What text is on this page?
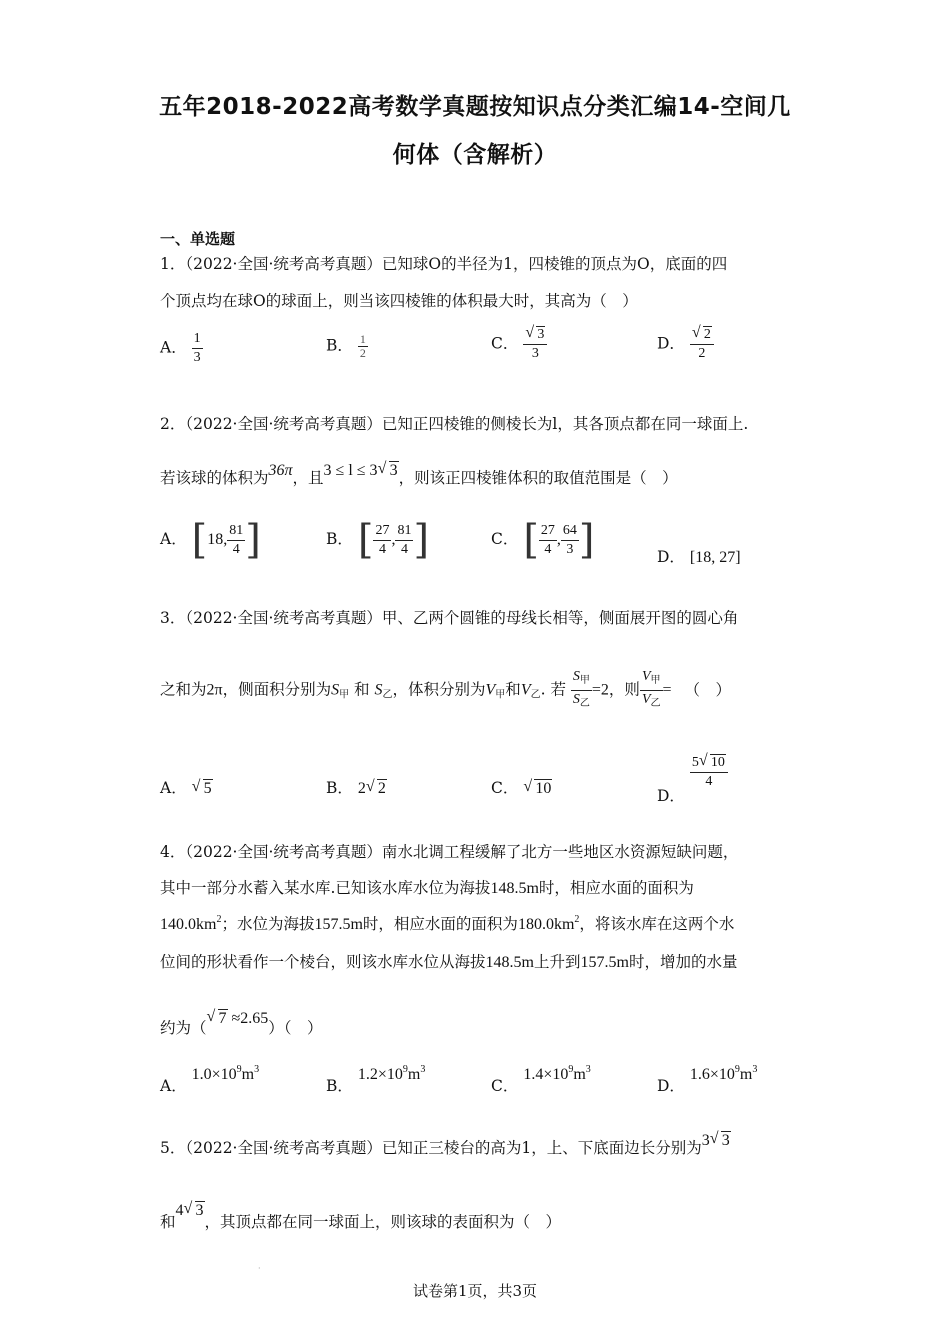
五年2018-2022高考数学真题按知识点分类汇编14-空间几
何体（含解析）
一、单选题
1．（2022·全国·统考高考真题）已知球O的半径为1，四棱锥的顶点为O，底面的四
个顶点均在球O的球面上，则当该四棱锥的体积最大时，其高为（　）
A． $\frac{1}{3}$	B． $\frac{1}{2}$	C． √ $\frac{3}{3}$	D． √ $\frac{2}{2}$
2．（2022·全国·统考高考真题）已知正四棱锥的侧棱长为l，其各顶点都在同一球面上.
若该球的体积为36π，且3 ≤ l ≤ 3 √ 3，则该正四棱锥体积的取值范围是（　）
A． [18, $\frac{81}{4}$ ]	B． [ $\frac{27}{4}$ , $\frac{81}{4}$ ]	C． [ $\frac{27}{4}$ , $\frac{64}{3}$ ]	D． [18, 27]
3．（2022·全国·统考高考真题）甲、乙两个圆锥的母线长相等，侧面展开图的圆心角
之和为2π，侧面积分别为$S_甲$ 和 $S_乙$，体积分别为$V_甲$和$V_乙$. 若 $\frac{S_甲}{S_乙} =2$，则 $\frac{V_甲}{V_乙}$ = （　）
A． √ 5	B． 2 √ 2	C． √ 10	D．
$\frac{5 √ 10}{4}$
4．（2022·全国·统考高考真题）南水北调工程缓解了北方一些地区水资源短缺问题，
其中一部分水蓄入某水库.已知该水库水位为海拔148.5m时，相应水面的面积为
$140.0km^2$；水位为海拔157.5m时，相应水面的面积为$180.0km^2$，将该水库在这两个水
位间的形状看作一个棱台，则该水库水位从海拔148.5m上升到157.5m时，增加的水量
约为（√ 7 ≈2.65）（　）
A． $1.0\times 10^9m^3$
B． $1.2\times 10^9m^3$
C． $1.4\times 10^9m^3$
D． $1.6\times 10^9m^3$
5．（2022·全国·统考高考真题）已知正三棱台的高为1，上、下底面边长分别为3 √ 3
和4 √ 3，其顶点都在同一球面上，则该球的表面积为（　）
·
试卷第1页，共3页
